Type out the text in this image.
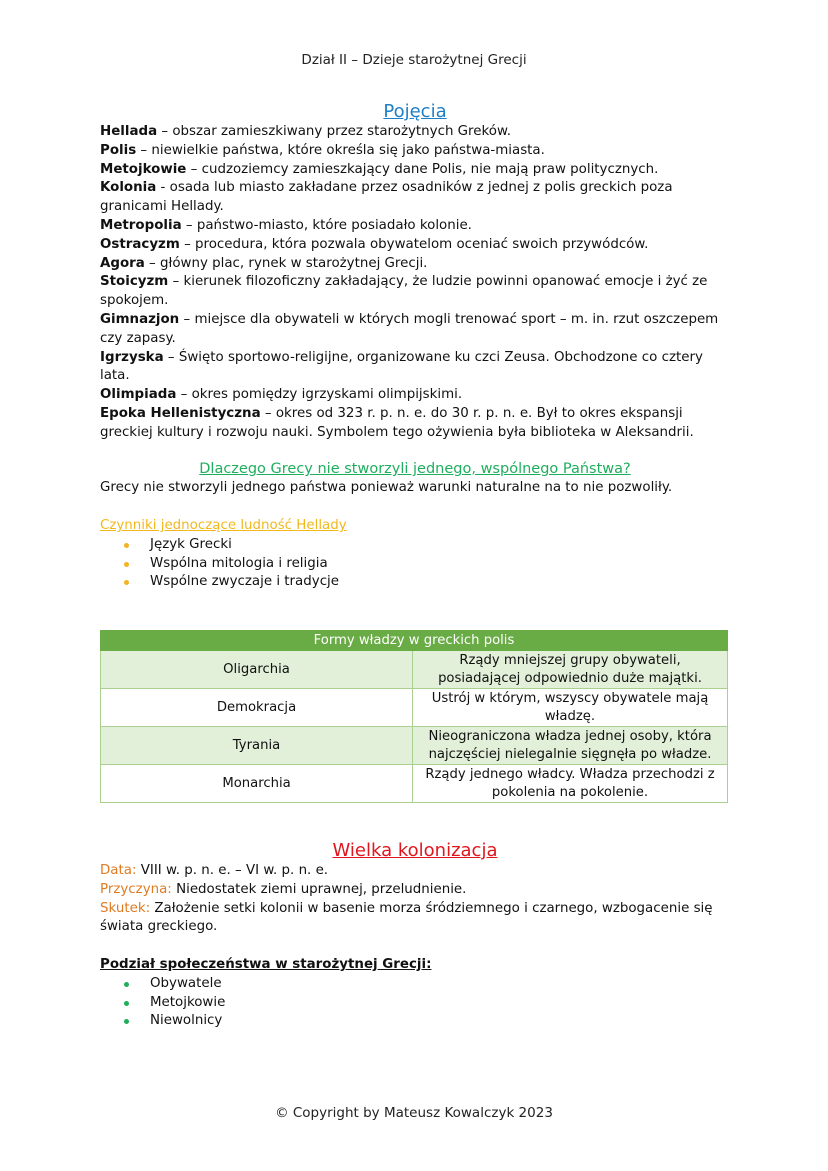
Dział II – Dzieje starożytnej Grecji
Pojęcia
Hellada – obszar zamieszkiwany przez starożytnych Greków.
Polis – niewielkie państwa, które określa się jako państwa-miasta.
Metojkowie – cudzoziemcy zamieszkający dane Polis, nie mają praw politycznych.
Kolonia - osada lub miasto zakładane przez osadników z jednej z polis greckich poza granicami Hellady.
Metropolia – państwo-miasto, które posiadało kolonie.
Ostracyzm – procedura, która pozwala obywatelom oceniać swoich przywódców.
Agora – główny plac, rynek w starożytnej Grecji.
Stoicyzm – kierunek filozoficzny zakładający, że ludzie powinni opanować emocje i żyć ze spokojem.
Gimnazjon – miejsce dla obywateli w których mogli trenować sport – m. in. rzut oszczepem czy zapasy.
Igrzyska – Święto sportowo-religijne, organizowane ku czci Zeusa. Obchodzone co cztery lata.
Olimpiada – okres pomiędzy igrzyskami olimpijskimi.
Epoka Hellenistyczna – okres od 323 r. p. n. e. do 30 r. p. n. e. Był to okres ekspansji greckiej kultury i rozwoju nauki. Symbolem tego ożywienia była biblioteka w Aleksandrii.
Dlaczego Grecy nie stworzyli jednego, wspólnego Państwa?
Grecy nie stworzyli jednego państwa ponieważ warunki naturalne na to nie pozwoliły.
Czynniki jednoczące ludność Hellady
Język Grecki
Wspólna mitologia i religia
Wspólne zwyczaje i tradycje
Formy władzy w greckich polis	
Oligarchia	Rządy mniejszej grupy obywateli, posiadającej odpowiednio duże majątki.
Demokracja	Ustrój w którym, wszyscy obywatele mają władzę.
Tyrania	Nieograniczona władza jednej osoby, która najczęściej nielegalnie sięgnęła po władze.
Monarchia	Rządy jednego władcy. Władza przechodzi z pokolenia na pokolenie.
Wielka kolonizacja
Data: VIII w. p. n. e. – VI w. p. n. e.
Przyczyna: Niedostatek ziemi uprawnej, przeludnienie.
Skutek: Założenie setki kolonii w basenie morza śródziemnego i czarnego, wzbogacenie się świata greckiego.
Podział społeczeństwa w starożytnej Grecji:
Obywatele
Metojkowie
Niewolnicy
© Copyright by Mateusz Kowalczyk 2023
